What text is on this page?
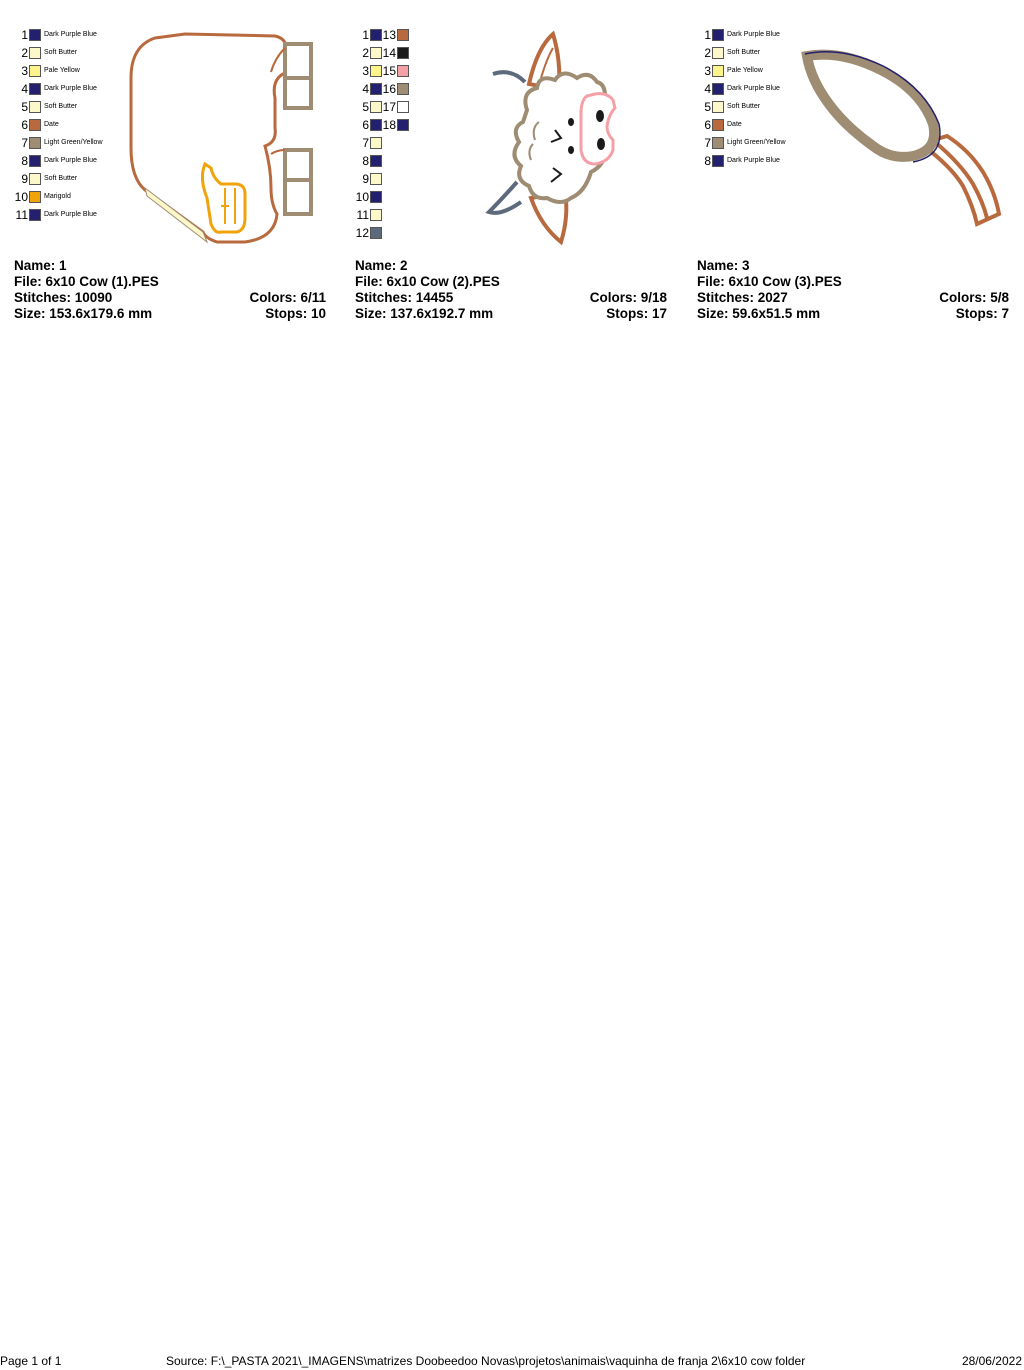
1 Dark Purple Blue
2 Soft Butter
3 Pale Yellow
4 Dark Purple Blue
5 Soft Butter
6 Date
7 Light Green/Yellow
8 Dark Purple Blue
9 Soft Butter
10 Marigold
11 Dark Purple Blue
Name: 1
File: 6x10 Cow (1).PES
Stitches: 10090	Colors: 6/11
Size: 153.6x179.6 mm	Stops: 10
1 13
2 14
3 15
4 16
5 17
6 18
7
8
9
10
11
12
Name: 2
File: 6x10 Cow (2).PES
Stitches: 14455	Colors: 9/18
Size: 137.6x192.7 mm	Stops: 17
1 Dark Purple Blue
2 Soft Butter
3 Pale Yellow
4 Dark Purple Blue
5 Soft Butter
6 Date
7 Light Green/Yellow
8 Dark Purple Blue
Name: 3
File: 6x10 Cow (3).PES
Stitches: 2027	Colors: 5/8
Size: 59.6x51.5 mm	Stops: 7
Page 1 of 1	Source: F:\_PASTA 2021\_IMAGENS\matrizes Doobeedoo Novas\projetos\animais\vaquinha de franja 2\6x10 cow folder	28/06/2022
